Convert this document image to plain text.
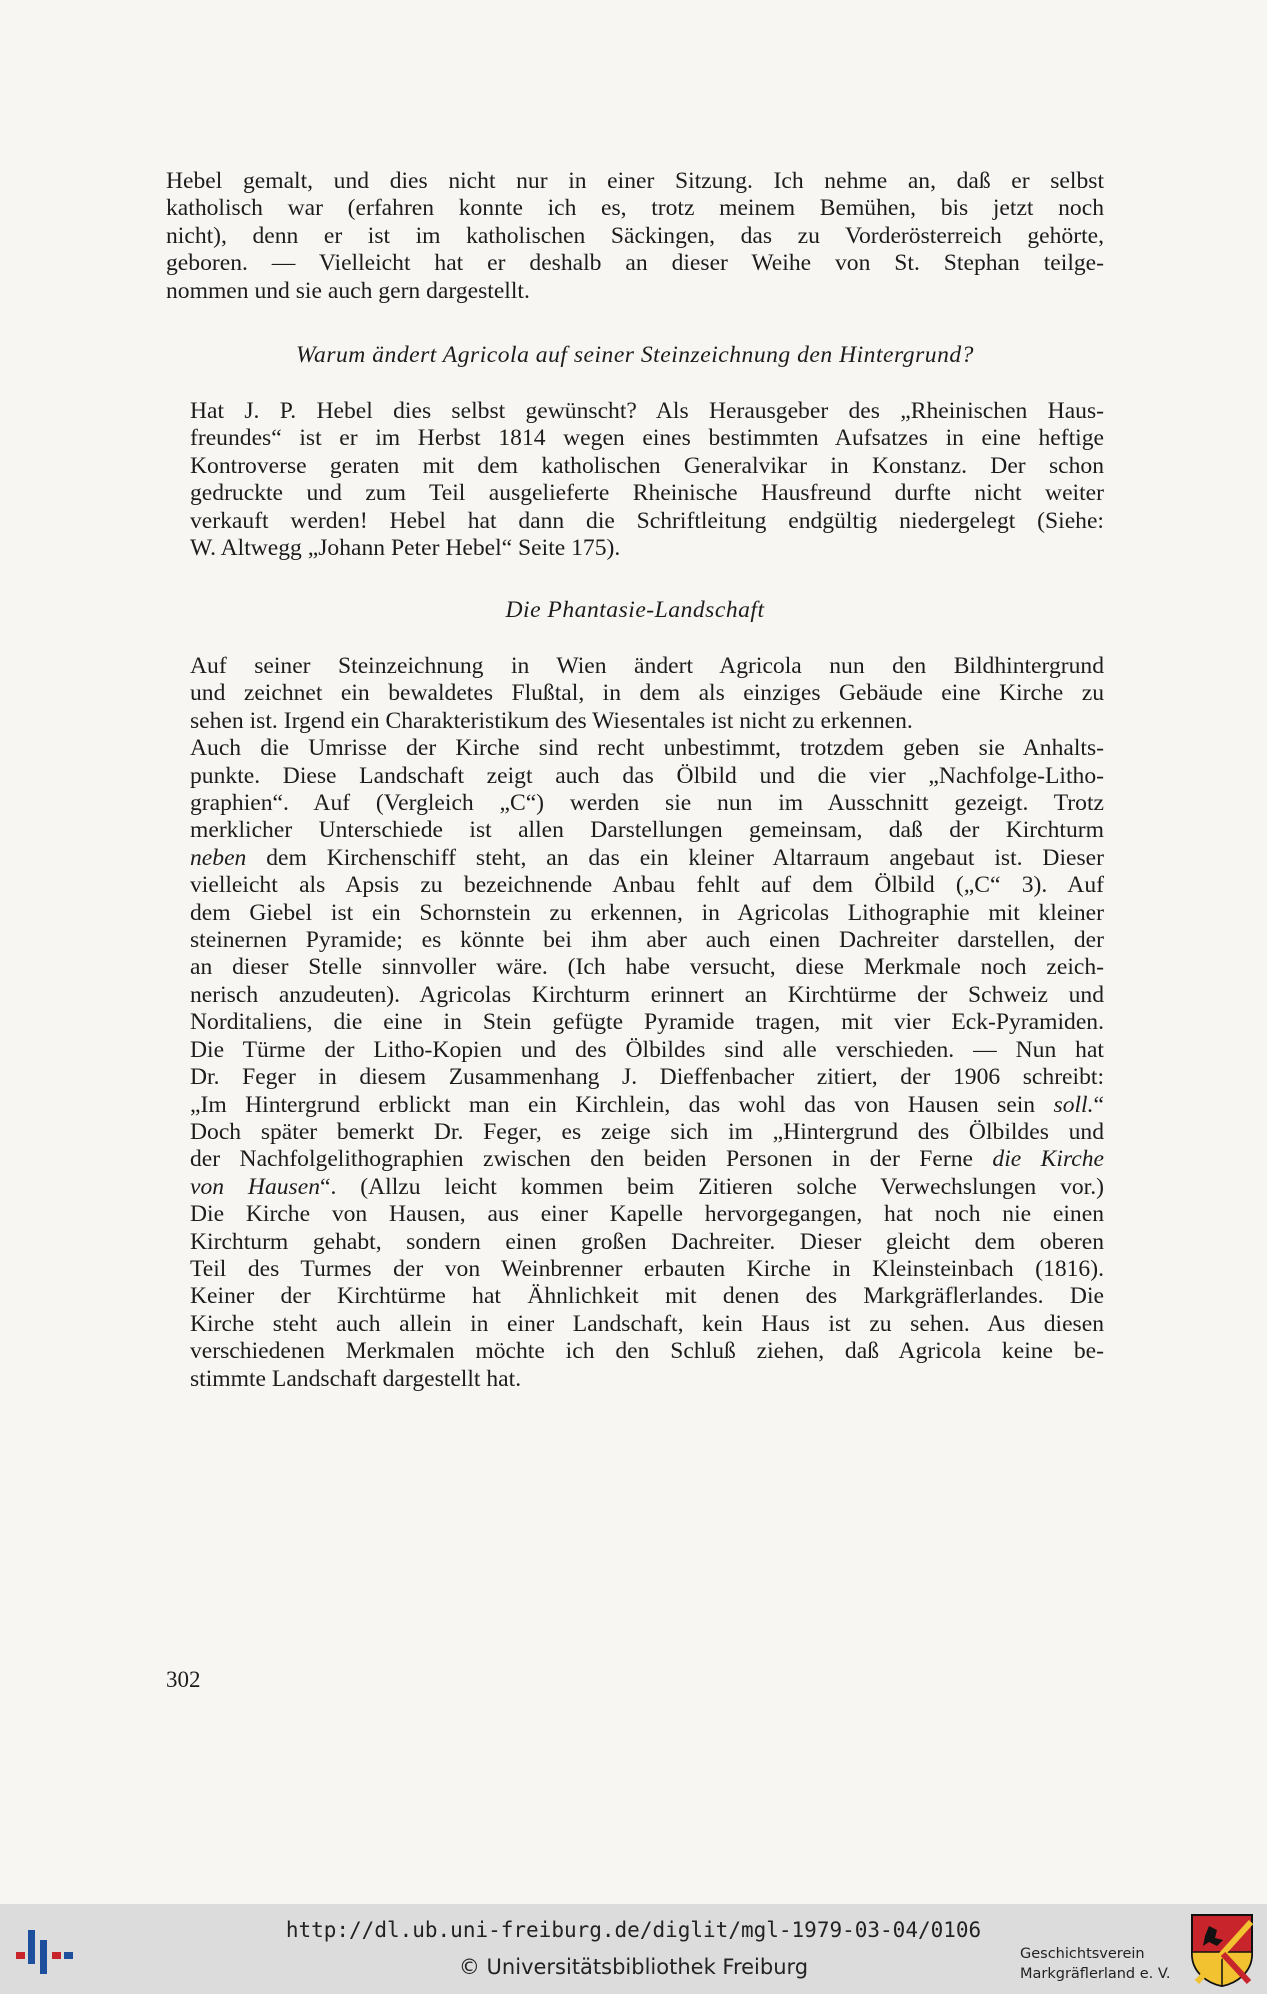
Hebel gemalt, und dies nicht nur in einer Sitzung. Ich nehme an, daß er selbst
katholisch war (erfahren konnte ich es, trotz meinem Bemühen, bis jetzt noch
nicht), denn er ist im katholischen Säckingen, das zu Vorderösterreich gehörte,
geboren. — Vielleicht hat er deshalb an dieser Weihe von St. Stephan teilge-
nommen und sie auch gern dargestellt.

Warum ändert Agricola auf seiner Steinzeichnung den Hintergrund?

Hat J. P. Hebel dies selbst gewünscht? Als Herausgeber des „Rheinischen Haus-
freundes“ ist er im Herbst 1814 wegen eines bestimmten Aufsatzes in eine heftige
Kontroverse geraten mit dem katholischen Generalvikar in Konstanz. Der schon
gedruckte und zum Teil ausgelieferte Rheinische Hausfreund durfte nicht weiter
verkauft werden! Hebel hat dann die Schriftleitung endgültig niedergelegt (Siehe:
W. Altwegg „Johann Peter Hebel“ Seite 175).

Die Phantasie-Landschaft

Auf seiner Steinzeichnung in Wien ändert Agricola nun den Bildhintergrund
und zeichnet ein bewaldetes Flußtal, in dem als einziges Gebäude eine Kirche zu
sehen ist. Irgend ein Charakteristikum des Wiesentales ist nicht zu erkennen.

Auch die Umrisse der Kirche sind recht unbestimmt, trotzdem geben sie Anhalts-
punkte. Diese Landschaft zeigt auch das Ölbild und die vier „Nachfolge-Litho-
graphien“. Auf (Vergleich „C“) werden sie nun im Ausschnitt gezeigt. Trotz
merklicher Unterschiede ist allen Darstellungen gemeinsam, daß der Kirchturm
neben dem Kirchenschiff steht, an das ein kleiner Altarraum angebaut ist. Dieser
vielleicht als Apsis zu bezeichnende Anbau fehlt auf dem Ölbild („C“ 3). Auf
dem Giebel ist ein Schornstein zu erkennen, in Agricolas Lithographie mit kleiner
steinernen Pyramide; es könnte bei ihm aber auch einen Dachreiter darstellen, der
an dieser Stelle sinnvoller wäre. (Ich habe versucht, diese Merkmale noch zeich-
nerisch anzudeuten). Agricolas Kirchturm erinnert an Kirchtürme der Schweiz und
Norditaliens, die eine in Stein gefügte Pyramide tragen, mit vier Eck-Pyramiden.
Die Türme der Litho-Kopien und des Ölbildes sind alle verschieden. — Nun hat
Dr. Feger in diesem Zusammenhang J. Dieffenbacher zitiert, der 1906 schreibt:
„Im Hintergrund erblickt man ein Kirchlein, das wohl das von Hausen sein soll.“
Doch später bemerkt Dr. Feger, es zeige sich im „Hintergrund des Ölbildes und
der Nachfolgelithographien zwischen den beiden Personen in der Ferne die Kirche
von Hausen“. (Allzu leicht kommen beim Zitieren solche Verwechslungen vor.)
Die Kirche von Hausen, aus einer Kapelle hervorgegangen, hat noch nie einen
Kirchturm gehabt, sondern einen großen Dachreiter. Dieser gleicht dem oberen
Teil des Turmes der von Weinbrenner erbauten Kirche in Kleinsteinbach (1816).
Keiner der Kirchtürme hat Ähnlichkeit mit denen des Markgräflerlandes. Die
Kirche steht auch allein in einer Landschaft, kein Haus ist zu sehen. Aus diesen
verschiedenen Merkmalen möchte ich den Schluß ziehen, daß Agricola keine be-
stimmte Landschaft dargestellt hat.

302
http://dl.ub.uni-freiburg.de/diglit/mgl-1979-03-04/0106
© Universitätsbibliothek Freiburg
Geschichtsverein
Markgräflerland e. V.
